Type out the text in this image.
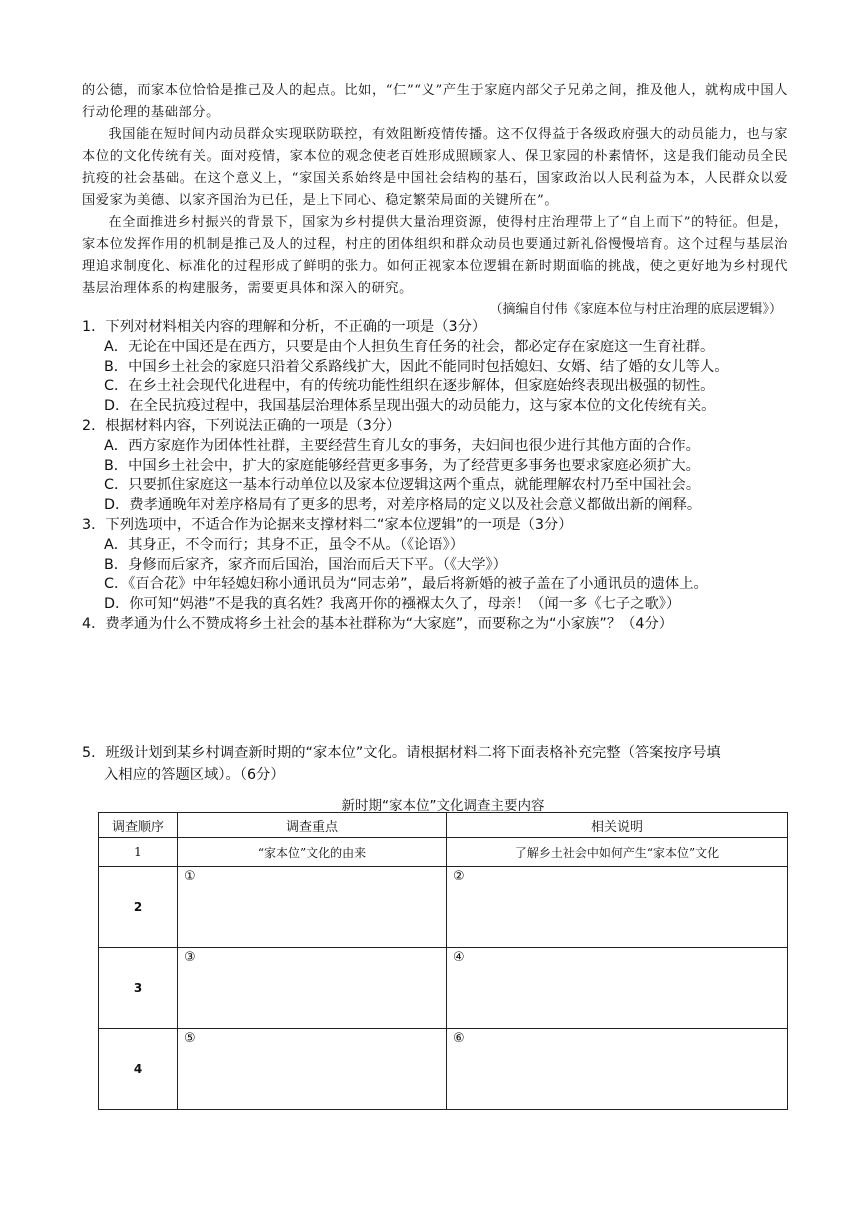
的公德，而家本位恰恰是推己及人的起点。比如，“仁”“义”产生于家庭内部父子兄弟之间，推及他人，就构成中国人行动伦理的基础部分。

我国能在短时间内动员群众实现联防联控，有效阻断疫情传播。这不仅得益于各级政府强大的动员能力，也与家本位的文化传统有关。面对疫情，家本位的观念使老百姓形成照顾家人、保卫家园的朴素情怀，这是我们能动员全民抗疫的社会基础。在这个意义上，“家国关系始终是中国社会结构的基石，国家政治以人民利益为本，人民群众以爱国爱家为美德、以家齐国治为已任，是上下同心、稳定繁荣局面的关键所在”。

在全面推进乡村振兴的背景下，国家为乡村提供大量治理资源，使得村庄治理带上了“自上而下”的特征。但是，家本位发挥作用的机制是推己及人的过程，村庄的团体组织和群众动员也要通过新礼俗慢慢培育。这个过程与基层治理追求制度化、标准化的过程形成了鲜明的张力。如何正视家本位逻辑在新时期面临的挑战，使之更好地为乡村现代基层治理体系的构建服务，需要更具体和深入的研究。

（摘编自付伟《家庭本位与村庄治理的底层逻辑》）

1．下列对材料相关内容的理解和分析，不正确的一项是（3分）

A．无论在中国还是在西方，只要是由个人担负生育任务的社会，都必定存在家庭这一生育社群。

B．中国乡土社会的家庭只沿着父系路线扩大，因此不能同时包括媳妇、女婿、结了婚的女儿等人。

C．在乡土社会现代化进程中，有的传统功能性组织在逐步解体，但家庭始终表现出极强的韧性。

D．在全民抗疫过程中，我国基层治理体系呈现出强大的动员能力，这与家本位的文化传统有关。

2．根据材料内容，下列说法正确的一项是（3分）

A．西方家庭作为团体性社群，主要经营生育儿女的事务，夫妇间也很少进行其他方面的合作。

B．中国乡土社会中，扩大的家庭能够经营更多事务，为了经营更多事务也要求家庭必须扩大。

C．只要抓住家庭这一基本行动单位以及家本位逻辑这两个重点，就能理解农村乃至中国社会。

D．费孝通晚年对差序格局有了更多的思考，对差序格局的定义以及社会意义都做出新的阐释。

3．下列选项中，不适合作为论据来支撑材料二“家本位逻辑”的一项是（3分）

A．其身正，不令而行；其身不正，虽令不从。（《论语》）

B．身修而后家齐，家齐而后国治，国治而后天下平。（《大学》）

C．《百合花》中年轻媳妇称小通讯员为“同志弟”，最后将新婚的被子盖在了小通讯员的遗体上。

D．你可知“妈港”不是我的真名姓？我离开你的襁褓太久了，母亲！（闻一多《七子之歌》）

4．费孝通为什么不赞成将乡土社会的基本社群称为“大家庭”，而要称之为“小家族”？（4分）

5．班级计划到某乡村调查新时期的“家本位”文化。请根据材料二将下面表格补充完整（答案按序号填
入相应的答题区域）。（6分）
新时期“家本位”文化调查主要内容
调查顺序	调查重点	相关说明
1	“家本位”文化的由来	了解乡土社会中如何产生“家本位”文化
2	①	②
3	③	④
4	⑤	⑥
